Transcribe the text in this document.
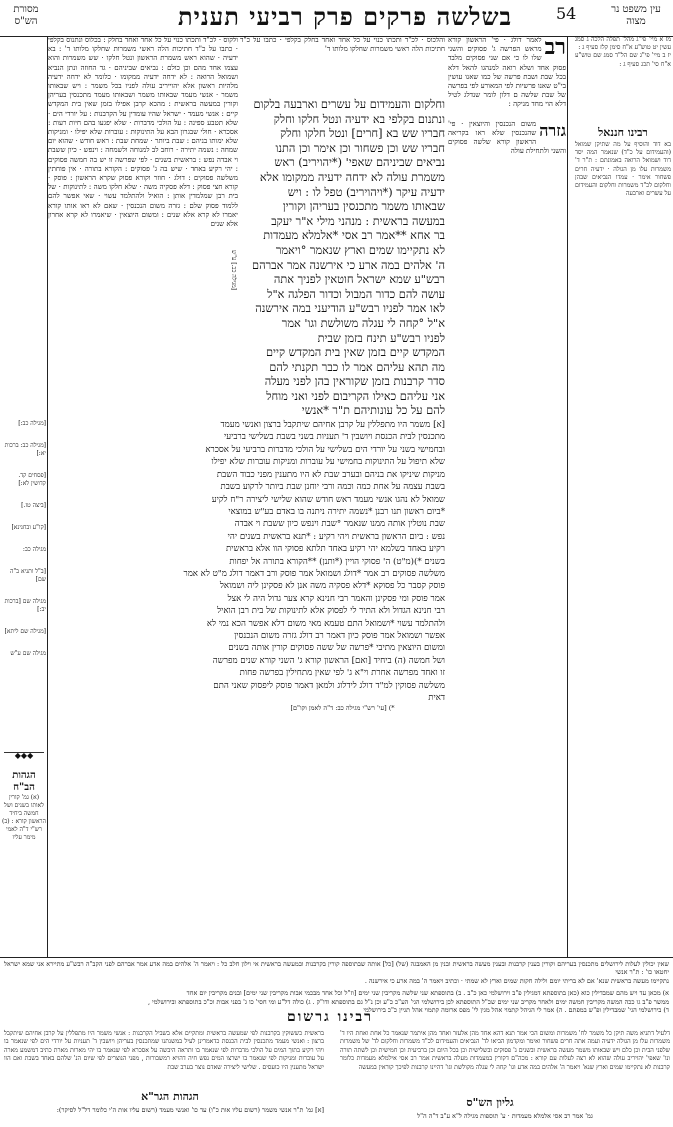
עין משפט נר מצוה
54
בשלשה פרקים פרק רביעי תענית
מסורת הש"ס
מז א מיי' פי"ג מהל' תפלה הלכה ג סמג עשין יט טוש"ע א"ח סימן קלז סעיף ג :
יז ב מיי' פי"ג שם הל"ד סמג שם טוש"ע א"ח סי' תכג סעיף ג :
רבינו חננאל
בא דוד והוסיף על מה שתיקן שמואל (והעמידום על כ"ד) שנאמר המה יסד דוד ושמואל הרואה באמונתם : ת"ר ד' משמרות עלו מן הגולה · ידעיה חרים פשחור אימר · עמדו הנביאים שבהן וחלקום לכ"ד משמרות וחלקום והעמידום על עשרים וארבעה
רב
לאמר דולג · פי' הראשון קורא מראש הפרשה ג' פסוקים והשני שלו לו כי אם שני פסוקים מלבד פסוק אחד ושלא רואה למנהגו להאל דלא בכל שבת ושבת פרשה של כמו שאנו עושין בי"ט שאנו פרשיות לפי המאורע לפי בפרשה של שבת שלשה ם דלון לומר שנדלג לטיל דלא הוי מחד מניקה :
גזרה
משום הנכנסין והיוצאין · פי' שהנכנסין שלא ראו בקריאה הראשון קורא שלשה פסוקים והשני ולתחילת עולה
והלכוס · לכ"ד ותכתו כנוי על כל אחד ואחד בחלק בקלפי · כתבו על כ"ד חתיכות הלה ראשי משמרות שחלקו מלותו ד'
וחלקום והעמידום על עשרים וארבעה בלקום
ונתנום בקלפי בא ידעיה ונטל חלקו וחלק
חבריו שש בא [חרים] ונטל חלקו וחלק
חבריו שש וכן פשחור וכן אימר וכן התנו
נביאים שביניהם שאפי' (*יהויריב) ראש
משמרת עולה לא ידחה ידעיה ממקומו אלא
ידעיה עיקר (*ויהויריב) טפל לו : ויש
שבאותו משמר מתכנסין בעריהן וקורין
במעשה בראשית : מנהני מילי א"ר יעקב
בר אחא **אמר רב אסי *אלמלא מעמדות
לא נתקיימו שמים וארץ שנאמר °ויאמר
ה' אלהים במה ארע כי אירשנה אמר אברהם
רבש"ע שמא ישראל חוטאין לפניך אתה
עושה להם כדור המבול וכדור הפלגה א"ל
לאו אמר לפניו רבש"ע הודיעני במה אירשנה
א"ל °קחה לי עגלה משולשת וגו' אמר
לפניו רבש"ע תינח בזמן שבית
המקדש קיים בזמן שאין בית המקדש קיים
מה תהא עליהם אמר לו כבר תקנתי להם
סדר קרבנות בזמן שקוראין בהן לפני מעלה
אני עליהם כאילו הקריבום לפני ואני מוחל
להם על כל עונותיהם ת"ר *אנשי
[א] משמר היו מתפללין על קרבן אחיהם שיתקבל ברצון ואנשי מעמד
מתכנסין לבית הכנסת ויושבין ד' תעניות בשני בשבת בשלישי ברביעי
ובחמישי בשני על יורדי הים בשלישי על הולכי מדברות ברביעי על אסכרא
שלא תיפול על התינוקות בחמישי על עוברות ומניקות עוברות שלא יפילו
מניקות שיניקו את בניהם ובערב שבת לא היו מתענין מפני כבוד השבת
בשבת עצמה על אחת כמה וכמה ורבי יוחנן שבת ביותר לרקוע בשבת
שמואל לא נהגו אנשי מעמד ראש חודש שהוא שלישי ליצירה ר"ח לקיע
*ביום ראשון תנו רבנן *נשמה יתירה ניתנה בו באדם בע"ש במוצאי
שבת נוטלין אותה ממנו שנאמר °שבת וינפש כיון ששבת וי אבדה
נפש : ביום הראשון בראשית ויהי רקיע : *תנא בראשית בשנים יהי
רקיע באחד בשלמא יהי רקיע באחד תלתא פסוקי הוו אלא בראשית
בשנים *)(מ"ט) ה' פסוקי הויין (*ותנן) **הקורא בתורה אל יפחות
משלשה פסוקים רב אמר *דולג ושמואל אמר פוסק ורב דאמר דולג מ"ט לא אמר
פוסק קסבר כל פסוקא *דלא פסקיה משה אנן לא פסקינן ליה ושמואל
אמר פוסק ומי פסקינן והאמר רבי חנינא קרא צער גדול היה לי אצל
רבי חנינא הגדול ולא התיר לי לפסוק אלא לתינוקות של בית רבן הואיל
ולהתלמד עשוי *ושמואל התם טעמא מאי משום דלא אפשר הכא נמי לא
אפשר ושמואל אמר פוסק כיון דאמר רב דולג גזרה משום הנכנסין
ומשום היוצאין מתיבי *פרשה של ששה פסוקים קורין אותה בשנים
ושל חמשה (ה) ביחיד [ואם] הראשון קורא ג' השני קורא שנים מפרשה
זו ואחד מפרשה אחרת וי"א ג' לפי שאין מתחילין בפרשה פחות
משלשה פסוקין למ"ד דולג לידלוג ולמאן דאמר פוסק ליפסוק שאני התם
דאית
*) [עי' רש"י מגילה כב: ד"ה לאמן וקו"ם]
[מגילה כב.] ע"ש
ולקוס · לכ"ד ותכתו כנוי על כל אחד ואחד בחלק : בכלוס ונתנוס בקלפי · כתבו על כ"ד חתיכות הלה ראשי משמרות שחלקו מלותו ד' : בא ידעיה · שהוא ראש משמרת הראשון ונטל חלקו · שש משמרות והוא עצמו אחד מהם וכן כולם : נביאים שביניהם · גד החוזה ונתן הנביא ושמואל הרואה : לא ידחה ידעיה ממקומו · כלומר לא ידחה ידעיה מלהיות ראשון אלא יהוייריב עולה לפניו בכל משמר : ויש שבאותו משמר · אנשי מעמד שבאותו משמר ושבאותו מעמד מתכנסין בעריהן וקורין במעשה בראשית : מהכא קרבן אפילו בזמן שאין בית המקדש קיים : אנשי מעמד · ישראל שהיו עומדין על הקרבנות : על יורדי הים · שלא תטבע ספינה : על הולכי מדברות · שלא יפגעו בהם חיות רעות : אסכרא · חולי שבגרון הבא על התינוקות : עוברות שלא יפילו · ומניקות שלא ימותו בניהם : שבת ביותר · שמחת שבת : ראש חודש · שהוא יום שמחה : נשמה יתירה · רוחב לב למנוחה ולשמחה : וינפש · כיון ששבת וי אבדה נפש : בראשית בשנים · לפי שפרשה זו יש בה חמשה פסוקים : יהי רקיע באחד · שיש בה ג' פסוקים : הקורא בתורה · אין פוחתין משלשה פסוקים : דולג · חוזר וקורא פסוק שקרא הראשון : פוסק · קורא חצי פסוק : דלא פסקיה משה · שלא חלקו משה : לתינוקות · של בית רבן שמלמדין אותן : הואיל ולהתלמד עשוי · שאי אפשר להם ללמוד פסוק שלם : גזרה משום הנכנסין · שאם לא ראו אותו קורא יאמרו לא קרא אלא שנים : ומשום היוצאין · שיאמרו לא קרא אחרון אלא שנים
[מגילה כב:]
[מגילה כב: ברכות יא:]
[פסחים קד. קדושין לא:]
[ביצה טז.]
[קו"ע ובחנינא]
מגילה כב:
[ב"ל ותניא ב"ה שם]
מגילה שם [ברכות יב:]
[מגילה שם ליתא]
מגילה שם ע"ש
◆◆◆
הגהות הב"ח
(א) גמ' קורין לאותו בשנים ושל חמשה ביחיד הראשון קורא : (ב) רש"י ד"ה לאמי מימר עליו
שאין יכולין לעלות לירושלים מתכנסין בעריהם וקורין בענין קרבנות ובענין מעשה בראשית ובנין מן האמבגה (של) [כל] אותה שבתוספה קורין בקרבנות ובמעשה בראשית אי וילון חלב כל : ויאמר ה' אלהים במה אדע אמר אברהם לפני הקב"ה רבש"ע מתיירא אני שמא ישראל יחטאו כו' : ת"ר אנשי
נתקיימו מעשה בראשית שנא' אם לא בריתי יומם ולילה חקות שמים וארץ לא שמתי · וכתיב ויאמר ה' במה ארע כי אירשנה .
א) מכאן עד ויש מהם שמבדילין כוא (כאן בתוספתא דמגילין פ"ב וירושלמי כאן כ"ב . ב) בתוספתא שני שלשה מקריבין שני ימים [וז"ל וכל אחד מבכמי אבות מקריבין שני ימים] ובנים מקריבין יום אחד
ממשר פ"ב גו ככה המשה מקריבין חמשה ימים ולאחר מקריב שני ימים שכ"ל התוספתא לכן בירושלמי הגי' הע"כ כ"ע וכן נ"ל גם בתוספתא ודו"ק . ג) כולה דל"ע ומי חסי' כו ג' בפני אבות וכ"כ בתוספתא ובירושלמי ,
ד) בירושלמי הגי' שמבדילין ופ"ש במפתם . ה) אמר לי הגיהל קתמוי אהל מגין לי' מפס ארומה קתמוי אהל תגיין כ"כ בירושלמי
רבינו גרשום
דלעיל דתניא משה תיקן כל משמר לח' משמרות ומשום הכי אמר תנא דהא אחד מהן אלעזר ואחד מהן איתמר שנאמר כל אחת ואחת היו ד' משמרות עלו מן הגולה ידעיה ועמה אתה חרים פשחור ואימר ומקדמון הביאו לד' הנביאים והעמידום לכ"ד משמרות וחלקום לד' של משמרות שלפני הבית וכן כלם ויש שבאותו משמר מעשה בראשית ובשנים ג' פסוקים ובשלישית וכן בכל היום וכן ברביעית וכן חמישית וכן לשתה תורה ונו' שאפי' יהויריב עולה שהוא לא רצה לעלות עם קורא : מכה"ם דקורין במעמדות מעלה בראשית אמר רב אסי אילמלא מעמדות כלומר קרבנות לא נתקיימו שמים וארץ שנא' ויאמר ה' אלהים במה אדע וגו' קחה לי עגלה מקולשת וגו' דהיינו קרבנות לפיכך קוראין במעשה
בראשית כששוקין בקרבנות לפי שמעשה בראשית ומתקיים אלא בשביל הקרבנות : אנשי משמר היו מתפללין על קרבן אחיהם שיתקבל ברצון : ואנשי מעמד מתכנסין לבית הכנסת כדאמרינן לעיל במשנתנו שמתכנסין בעריהן ויושבין ד' תעניות על יורדי הים לפי שנאמר בו ויהי רקיע בתוך המים על הולכי מדברות לפי שנאמר בו ותראה היבשה על אסכרא לפי שנאמר בו יהי מארות מארת כתיב דמשמע מארה על עוברות ומניקות לפי שנאמר בו ישרצו המים נפש חיה דהויא רמשבורות , מפני הנוצרים לפי שיום הנ' שלהם באחד בשבת ואם הוו ישראל מתענין היו כועסים . שלישי ליצירה שאדם נוצר בערב שבת
הגהות הגר"א
[א] גמ' ת"ר אנשי משמר (רשום עליו אות כ"ו) עד כו' ואנשי מעמד (רשום עליו אות ה'י כלומר דל"ל לסיקר):
גליון הש"ס
גמ' אמר רב אסי אלמלא מעמדות · ע' תוספות מגילה ל"א ע"ב ד"ה ה"ל
